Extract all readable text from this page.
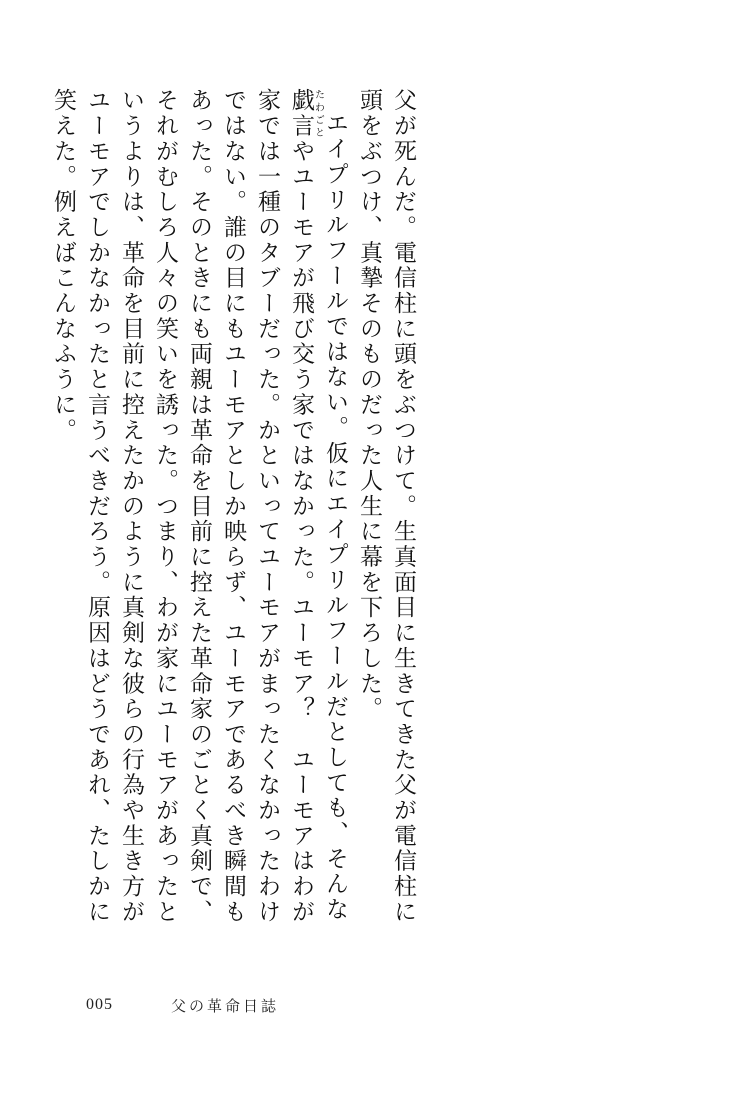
父が死んだ。電信柱に頭をぶつけて。生真面目に生きてきた父が電信柱に頭をぶつけ、真摯そのものだった人生に幕を下ろした。

エイプリルフールではない。仮にエイプリルフールだとしても、そんな戯言たわごとやユーモアが飛び交う家ではなかった。ユーモア？　ユーモアはわが家では一種のタブーだった。かといってユーモアがまったくなかったわけではない。誰の目にもユーモアとしか映らず、ユーモアであるべき瞬間もあった。そのときにも両親は革命を目前に控えた革命家のごとく真剣で、それがむしろ人々の笑いを誘った。つまり、わが家にユーモアがあったというよりは、革命を目前に控えたかのように真剣な彼らの行為や生き方がユーモアでしかなかったと言うべきだろう。原因はどうであれ、たしかに笑えた。例えばこんなふうに。

005	父の革命日誌
